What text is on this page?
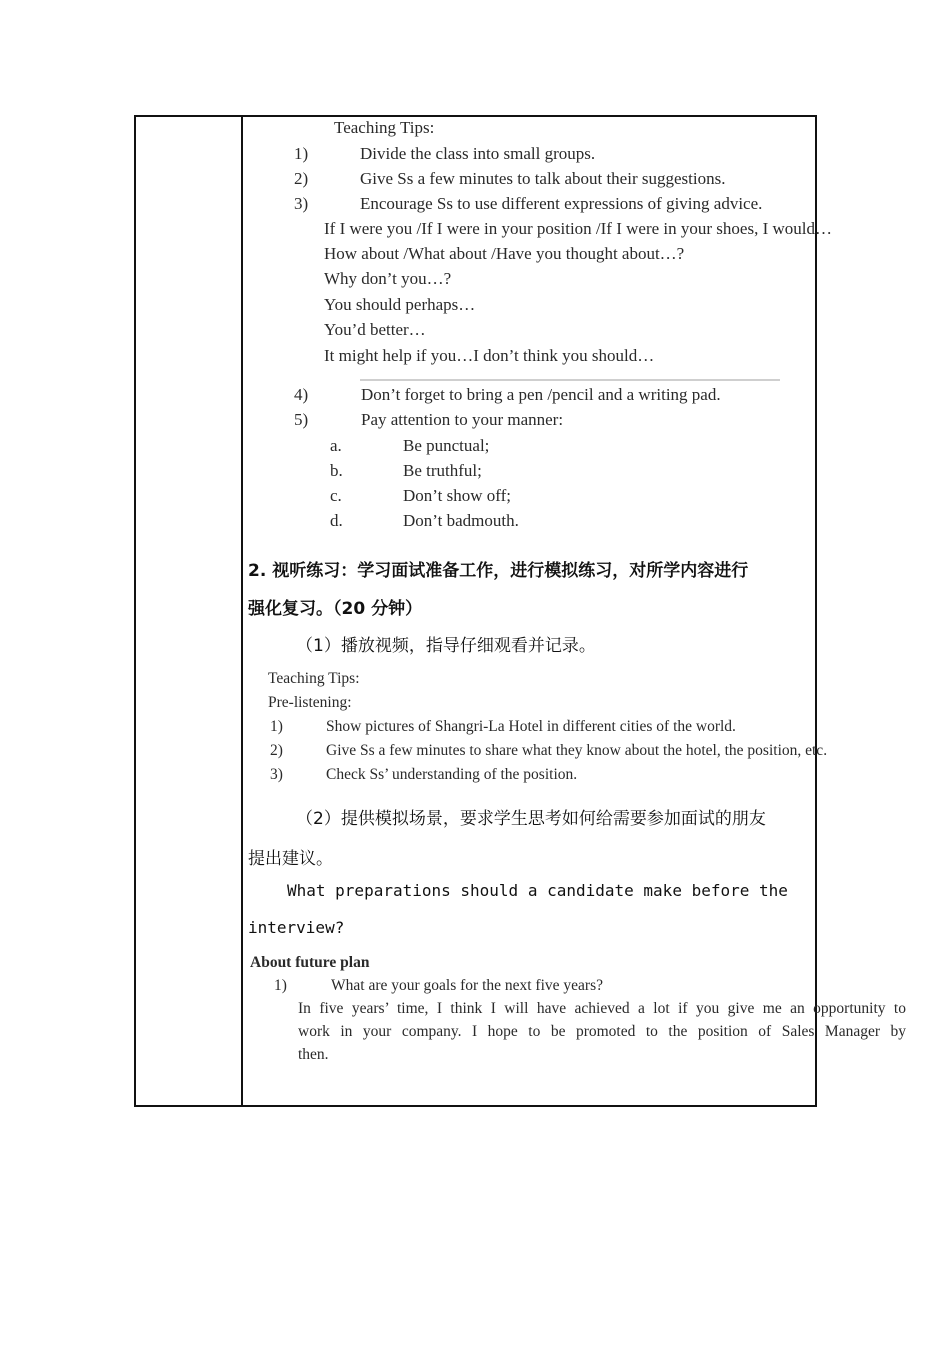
Teaching Tips:
1)	Divide the class into small groups.
2)	Give Ss a few minutes to talk about their suggestions.
3)	Encourage Ss to use different expressions of giving advice.
If I were you /If I were in your position /If I were in your shoes, I would…
How about /What about /Have you thought about…?
Why don’t you…?
You should perhaps…
You’d better…
It might help if you…I don’t think you should…
4)	Don’t forget to bring a pen /pencil and a writing pad.
5)	Pay attention to your manner:
a.	Be punctual;
b.	Be truthful;
c.	Don’t show off;
d.	Don’t badmouth.
2. 视听练习：学习面试准备工作，进行模拟练习，对所学内容进行
强化复习。（20 分钟）
（1）播放视频，指导仔细观看并记录。
Teaching Tips:
Pre-listening:
1)	Show pictures of Shangri-La Hotel in different cities of the world.
2)	Give Ss a few minutes to share what they know about the hotel, the position, etc.
3)	Check Ss’ understanding of the position.
（2）提供模拟场景，要求学生思考如何给需要参加面试的朋友
提出建议。
What preparations should a candidate make before the
interview?
About future plan
1)	What are your goals for the next five years?
In five years’ time, I think I will have achieved a lot if you give me an opportunity to
work in your company. I hope to be promoted to the position of Sales Manager by
then.
